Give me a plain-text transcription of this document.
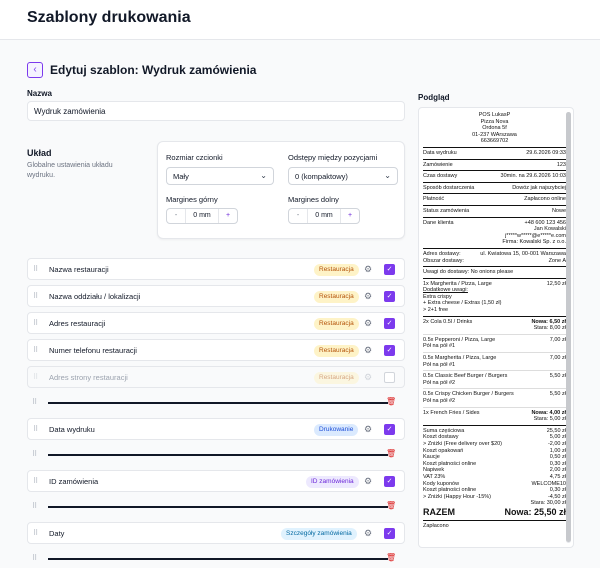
Szablony drukowania
‹	Edytuj szablon: Wydruk zamówienia
Nazwa
Wydruk zamówienia
Układ
Globalne ustawienia układu wydruku.
Rozmiar czcionki
Mały	⌄
Odstępy między pozycjami
0 (kompaktowy)	⌄
Margines górny
-	0 mm	+
Margines dolny
-	0 mm	+
⠿ Nazwa restauracji	Restauracja	⚙	✓
⠿ Nazwa oddziału / lokalizacji	Restauracja	⚙	✓
⠿ Adres restauracji	Restauracja	⚙	✓
⠿ Numer telefonu restauracji	Restauracja	⚙	✓
⠿ Adres strony restauracji	Restauracja	⚙
⠿	🗑
⠿ Data wydruku	Drukowanie	⚙	✓
⠿	🗑
⠿ ID zamówienia	ID zamówienia	⚙	✓
⠿	🗑
⠿ Daty	Szczegóły zamówienia	⚙	✓
⠿	🗑
Podgląd
POS LukasP
Pizza Nova
Ordona 5f
01-237 WArszawa
663669702
Data wydruku	29.6.2026 09:33
Zamówienie	123
Czas dostawy	30min. na 29.6.2026 10:03
Sposób dostarczenia	Dowóz jak najszybciej
Płatność	Zapłacono online
Status zamówienia	Nowe
Dane klienta	+48 600 123 456
Jan Kowalski
j*****w*****@e*****e.com
Firma: Kowalski Sp. z o.o.
Adres dostawy:	ul. Kwiatowa 15, 00-001 Warszawa
Obszar dostawy:	Zone A
Uwagi do dostawy: No onions please
1x Margherita / Pizza, Large	12,50 zł
Dodatkowe uwagi:
Extra crispy
+ Extra cheese / Extras (1,50 zł)
> 2+1 free
2x Cola 0.5l / Drinks	Nowa: 6,50 zł
Stara: 8,00 zł
0.5x Pepperoni / Pizza, Large	7,00 zł
Pół na pół #1
0.5x Margherita / Pizza, Large	7,00 zł
Pół na pół #1
0.5x Classic Beef Burger / Burgers	5,50 zł
Pół na pół #2
0.5x Crispy Chicken Burger / Burgers	5,50 zł
Pół na pół #2
1x French Fries / Sides	Nowa: 4,00 zł
Stara: 5,00 zł
Suma częściowa	25,50 zł
Koszt dostawy	5,00 zł
> Zniżki (Free delivery over $20)	-2,00 zł
Koszt opakowań	1,00 zł
Kaucje	0,50 zł
Koszt płatności online	0,30 zł
Napiwek	2,00 zł
VAT 23%	4,75 zł
Kody kuponów	WELCOME10
Koszt płatności online	0,30 zł
> Zniżki (Happy Hour -15%)	-4,50 zł
Stara: 30,00 zł
RAZEM	Nowa: 25,50 zł
Zapłacono
